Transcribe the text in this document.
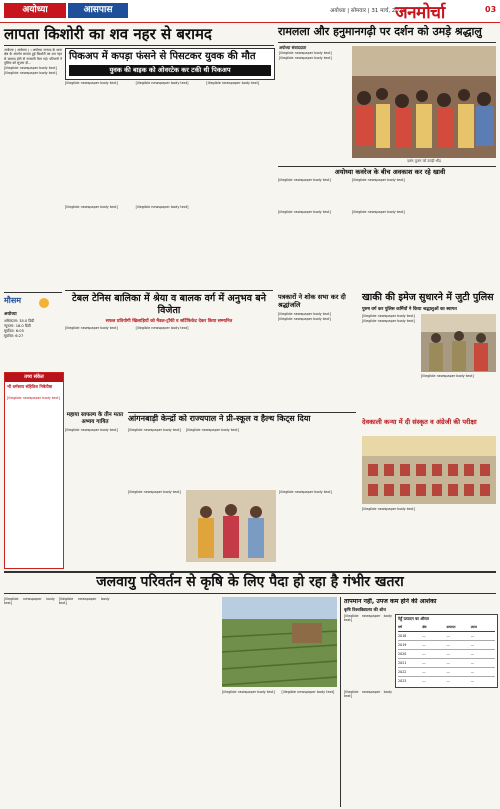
अयोध्या	आसपास	अयोध्या | सोमवार | 31 मार्च, 2025
जनमोर्चा	03
लापता किशोरी का शव नहर से बरामद
अयोध्या ( अयोध्या ) । अयोध्या जनपद के थाना क्षेत्र के अंतर्गत लापता हुई किशोरी का शव नहर से बरामद होने से सनसनी फैल गई। परिजनों ने पुलिस को सूचना दी...
[illegible newspaper body text]
[illegible newspaper body text]
पिकअप में कपड़ा फंसने से पिसटकर युवक की मौत
युवक की बाइक को ओवरटेक कर टकी थी पिकअप
[illegible newspaper body text]	[illegible newspaper body text]	[illegible newspaper body text]
रामलला और हनुमानगढ़ी पर दर्शन को उमड़े श्रद्धालु
अयोध्या संवाददाता
[illegible newspaper body text]
[illegible newspaper body text]
दर्शन-पूजन को उमड़ी भीड़
अयोध्या कवरेज के बीच अवकाश कर रहे खावी
[illegible newspaper body text]	[illegible newspaper body text]
[illegible newspaper body text]	[illegible newspaper body text]
[illegible newspaper body text]	[illegible newspaper body text]
मौसम
अयोध्या
अधिकतम: 35.0 डिग्री
न्यूनतम: 18.0 डिग्री
सूर्योदय: 6:05
सूर्यास्त: 6:27
टेबल टेनिस बालिका में श्रेया व बालक वर्ग में अनुभव बने विजेता
सफल प्रतियोगी खिलाड़ियों को मैडल-ट्रॉफी व सर्टिफिकेट देकर किया सम्मानित
[illegible newspaper body text]	[illegible newspaper body text]
पत्रकारों ने शोक सभा कर दी श्रद्धांजलि
[illegible newspaper body text]
[illegible newspaper body text]
खाकी की इमेज सुधारने में जुटी पुलिस
पुरुष वर्ग कर पुलिस कर्मियों ने किया श्रद्धालुओं का स्वागत
[illegible newspaper body text]
[illegible newspaper body text]
[illegible newspaper body text]
तथ्य संकेत
भी धर्मसत्य संहितिश निषेतीषा
[illegible newspaper body text]
महाया साफल्य के तीन मतत अभ्यय गायित
[illegible newspaper body text]
आंगनबाड़ी केन्द्रों को राज्यपाल ने प्री-स्कूल व हैल्थ किट्स दिया
[illegible newspaper body text]	[illegible newspaper body text]
[illegible newspaper body text]	[illegible newspaper body text]
देवकाली कन्या में दी संस्कृत व अंग्रेजी की परीक्षा
[illegible newspaper body text]
जलवायु परिवर्तन से कृषि के लिए पैदा हो रहा है गंभीर खतरा
[illegible newspaper body text]
[illegible newspaper body text]
[illegible newspaper body text]	[illegible newspaper body text]
तापमान नहीं, उपज कम होने की आशंका
कृषि विश्वविद्यालय की शोध
[illegible newspaper body text]	गेहूँ उत्पादन का औसत
वर्ष	क्षेत्र	उत्पादन	उपज
2018	—	—	—
2019	—	—	—
2020	—	—	—
2021	—	—	—
2022	—	—	—
2023	—	—	—
[illegible newspaper body text]
